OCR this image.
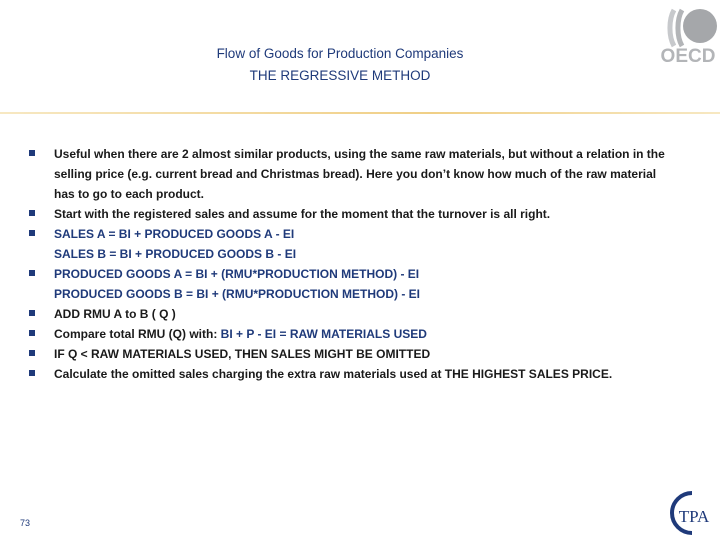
Flow of Goods for Production Companies
THE REGRESSIVE METHOD
OECD
Useful when there are 2 almost similar products, using the same raw materials, but without a relation in the selling price (e.g. current bread and Christmas bread). Here you don’t know how much of the raw material has to go to each product.
Start with the registered sales and assume for the moment that the turnover is all right.
SALES A = BI + PRODUCED GOODS A - EI
SALES B = BI + PRODUCED GOODS B - EI
PRODUCED GOODS A = BI + (RMU*PRODUCTION METHOD) - EI
PRODUCED GOODS B = BI + (RMU*PRODUCTION METHOD) - EI
ADD RMU A to B ( Q )
Compare total RMU (Q) with: BI + P - EI = RAW MATERIALS USED
IF Q < RAW MATERIALS USED, THEN SALES MIGHT BE OMITTED
Calculate the omitted sales charging the extra raw materials used at THE HIGHEST SALES PRICE.
73	TPA
